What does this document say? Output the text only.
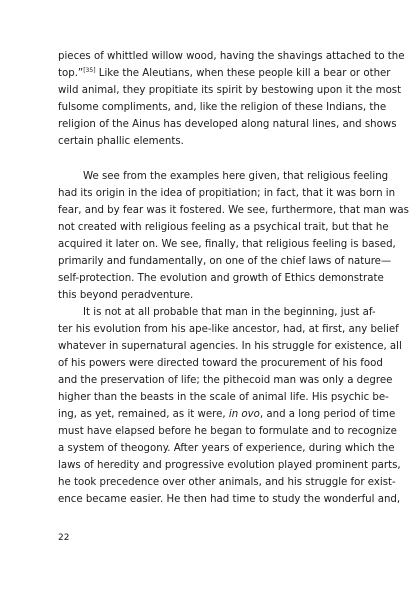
pieces of whittled willow wood, having the shavings attached to the
top.”[35] Like the Aleutians, when these people kill a bear or other
wild animal, they propitiate its spirit by bestowing upon it the most
fulsome compliments, and, like the religion of these Indians, the
religion of the Ainus has developed along natural lines, and shows
certain phallic elements.
We see from the examples here given, that religious feeling
had its origin in the idea of propitiation; in fact, that it was born in
fear, and by fear was it fostered. We see, furthermore, that man was
not created with religious feeling as a psychical trait, but that he
acquired it later on. We see, finally, that religious feeling is based,
primarily and fundamentally, on one of the chief laws of nature—
self-protection. The evolution and growth of Ethics demonstrate
this beyond peradventure.
It is not at all probable that man in the beginning, just af-
ter his evolution from his ape-like ancestor, had, at first, any belief
whatever in supernatural agencies. In his struggle for existence, all
of his powers were directed toward the procurement of his food
and the preservation of life; the pithecoid man was only a degree
higher than the beasts in the scale of animal life. His psychic be-
ing, as yet, remained, as it were, in ovo, and a long period of time
must have elapsed before he began to formulate and to recognize
a system of theogony. After years of experience, during which the
laws of heredity and progressive evolution played prominent parts,
he took precedence over other animals, and his struggle for exist-
ence became easier. He then had time to study the wonderful and,
22
